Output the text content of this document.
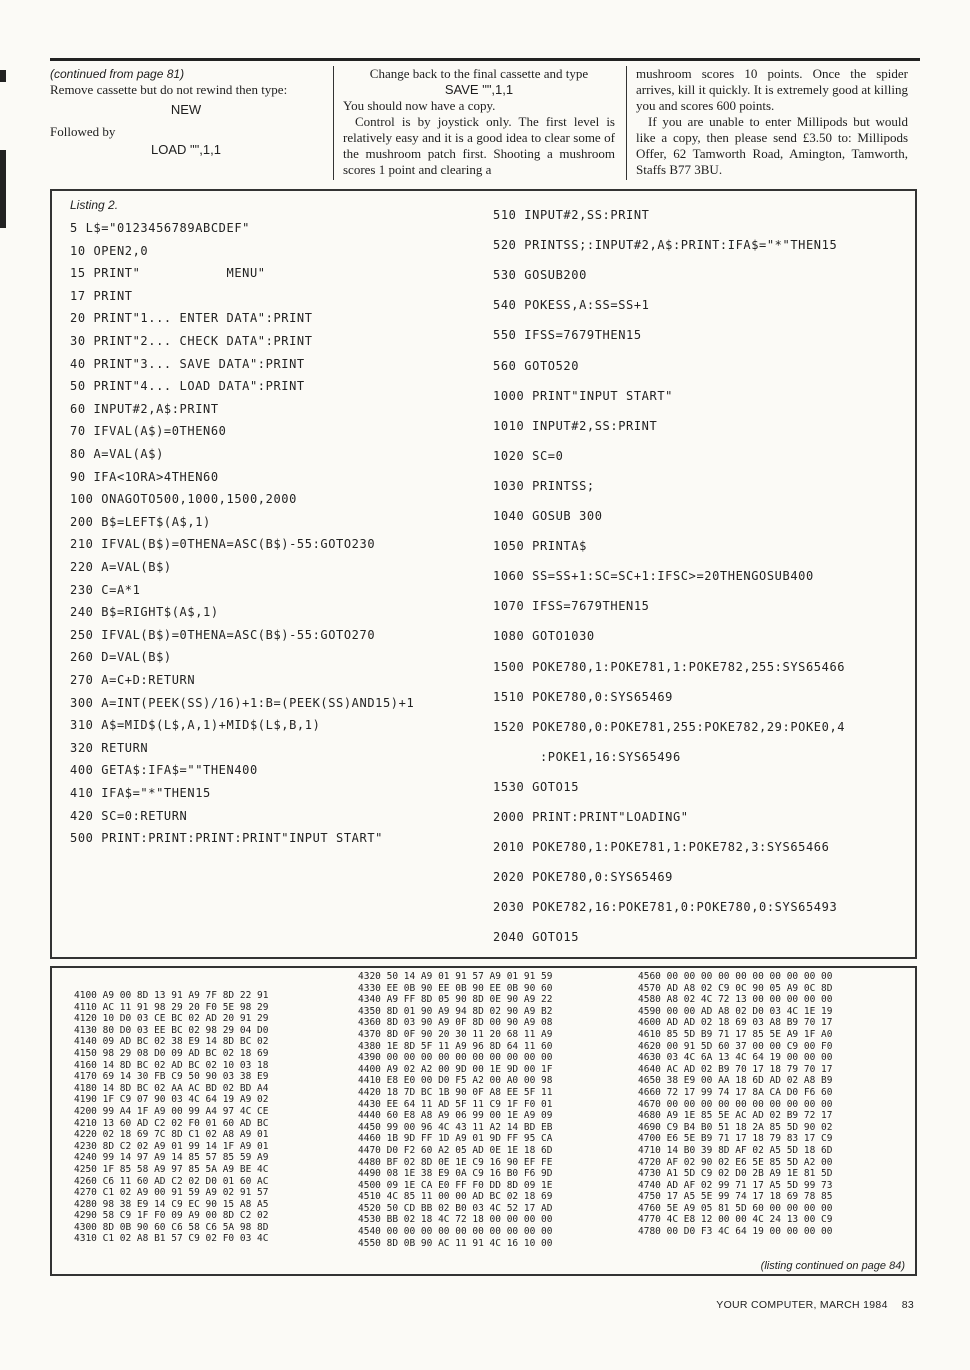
(continued from page 81)

Remove cassette but do not rewind then type:

NEW

Followed by

LOAD "",1,1

Change back to the final cassette and type

SAVE "",1,1

You should now have a copy.

Control is by joystick only. The first level is relatively easy and it is a good idea to clear some of the mushroom patch first. Shooting a mushroom scores 1 point and clearing a

mushroom scores 10 points. Once the spider arrives, kill it quickly. It is extremely good at killing you and scores 600 points.

If you are unable to enter Millipods but would like a copy, then please send £3.50 to: Millipods Offer, 62 Tamworth Road, Amington, Tamworth, Staffs B77 3BU.

Listing 2.
5 L$="0123456789ABCDEF"
10 OPEN2,0
15 PRINT"           MENU"
17 PRINT
20 PRINT"1... ENTER DATA":PRINT
30 PRINT"2... CHECK DATA":PRINT
40 PRINT"3... SAVE DATA":PRINT
50 PRINT"4... LOAD DATA":PRINT
60 INPUT#2,A$:PRINT
70 IFVAL(A$)=0THEN60
80 A=VAL(A$)
90 IFA<1ORA>4THEN60
100 ONAGOTO500,1000,1500,2000
200 B$=LEFT$(A$,1)
210 IFVAL(B$)=0THENA=ASC(B$)-55:GOTO230
220 A=VAL(B$)
230 C=A*1
240 B$=RIGHT$(A$,1)
250 IFVAL(B$)=0THENA=ASC(B$)-55:GOTO270
260 D=VAL(B$)
270 A=C+D:RETURN
300 A=INT(PEEK(SS)/16)+1:B=(PEEK(SS)AND15)+1
310 A$=MID$(L$,A,1)+MID$(L$,B,1)
320 RETURN
400 GETA$:IFA$=""THEN400
410 IFA$="*"THEN15
420 SC=0:RETURN
500 PRINT:PRINT:PRINT:PRINT"INPUT START"
510 INPUT#2,SS:PRINT
520 PRINTSS;:INPUT#2,A$:PRINT:IFA$="*"THEN15
530 GOSUB200
540 POKESS,A:SS=SS+1
550 IFSS=7679THEN15
560 GOTO520
1000 PRINT"INPUT START"
1010 INPUT#2,SS:PRINT
1020 SC=0
1030 PRINTSS;
1040 GOSUB 300
1050 PRINTA$
1060 SS=SS+1:SC=SC+1:IFSC>=20THENGOSUB400
1070 IFSS=7679THEN15
1080 GOTO1030
1500 POKE780,1:POKE781,1:POKE782,255:SYS65466
1510 POKE780,0:SYS65469
1520 POKE780,0:POKE781,255:POKE782,29:POKE0,4
:POKE1,16:SYS65496
1530 GOTO15
2000 PRINT:PRINT"LOADING"
2010 POKE780,1:POKE781,1:POKE782,3:SYS65466
2020 POKE780,0:SYS65469
2030 POKE782,16:POKE781,0:POKE780,0:SYS65493
2040 GOTO15
4100 A9 00 8D 13 91 A9 7F 8D 22 91
4110 AC 11 91 98 29 20 F0 5E 98 29
4120 10 D0 03 CE BC 02 AD 20 91 29
4130 80 D0 03 EE BC 02 98 29 04 D0
4140 09 AD BC 02 38 E9 14 8D BC 02
4150 98 29 08 D0 09 AD BC 02 18 69
4160 14 8D BC 02 AD BC 02 10 03 18
4170 69 14 30 FB C9 50 90 03 38 E9
4180 14 8D BC 02 AA AC BD 02 BD A4
4190 1F C9 07 90 03 4C 64 19 A9 02
4200 99 A4 1F A9 00 99 A4 97 4C CE
4210 13 60 AD C2 02 F0 01 60 AD BC
4220 02 18 69 7C 8D C1 02 A8 A9 01
4230 8D C2 02 A9 01 99 14 1F A9 01
4240 99 14 97 A9 14 85 57 85 59 A9
4250 1F 85 58 A9 97 85 5A A9 BE 4C
4260 C6 11 60 AD C2 02 D0 01 60 AC
4270 C1 02 A9 00 91 59 A9 02 91 57
4280 98 38 E9 14 C9 EC 90 15 A8 A5
4290 58 C9 1F F0 09 A9 00 8D C2 02
4300 8D 0B 90 60 C6 58 C6 5A 98 8D
4310 C1 02 A8 B1 57 C9 02 F0 03 4C
4320 50 14 A9 01 91 57 A9 01 91 59
4330 EE 0B 90 EE 0B 90 EE 0B 90 60
4340 A9 FF 8D 05 90 8D 0E 90 A9 22
4350 8D 01 90 A9 94 8D 02 90 A9 B2
4360 8D 03 90 A9 0F 8D 00 90 A9 08
4370 8D 0F 90 20 30 11 20 68 11 A9
4380 1E 8D 5F 11 A9 96 8D 64 11 60
4390 00 00 00 00 00 00 00 00 00 00
4400 A9 02 A2 00 9D 00 1E 9D 00 1F
4410 E8 E0 00 D0 F5 A2 00 A0 00 98
4420 18 7D BC 1B 90 0F A8 EE 5F 11
4430 EE 64 11 AD 5F 11 C9 1F F0 01
4440 60 E8 A8 A9 06 99 00 1E A9 09
4450 99 00 96 4C 43 11 A2 14 BD EB
4460 1B 9D FF 1D A9 01 9D FF 95 CA
4470 D0 F2 60 A2 05 AD 0E 1E 18 6D
4480 BF 02 8D 0E 1E C9 16 90 EF FE
4490 08 1E 38 E9 0A C9 16 B0 F6 9D
4500 09 1E CA E0 FF F0 DD 8D 09 1E
4510 4C 85 11 00 00 AD BC 02 18 69
4520 50 CD BB 02 B0 03 4C 52 17 AD
4530 BB 02 18 4C 72 18 00 00 00 00
4540 00 00 00 00 00 00 00 00 00 00
4550 8D 0B 90 AC 11 91 4C 16 10 00
4560 00 00 00 00 00 00 00 00 00 00
4570 AD A8 02 C9 0C 90 05 A9 0C 8D
4580 A8 02 4C 72 13 00 00 00 00 00
4590 00 00 AD A8 02 D0 03 4C 1E 19
4600 AD AD 02 18 69 03 A8 B9 70 17
4610 85 5D B9 71 17 85 5E A9 1F A0
4620 00 91 5D 60 37 00 00 C9 00 F0
4630 03 4C 6A 13 4C 64 19 00 00 00
4640 AC AD 02 B9 70 17 18 79 70 17
4650 38 E9 00 AA 18 6D AD 02 A8 B9
4660 72 17 99 74 17 8A CA D0 F6 60
4670 00 00 00 00 00 00 00 00 00 00
4680 A9 1E 85 5E AC AD 02 B9 72 17
4690 C9 B4 B0 51 18 2A 85 5D 90 02
4700 E6 5E B9 71 17 18 79 83 17 C9
4710 14 B0 39 8D AF 02 A5 5D 18 6D
4720 AF 02 90 02 E6 5E 85 5D A2 00
4730 A1 5D C9 02 D0 2B A9 1E 81 5D
4740 AD AF 02 99 71 17 A5 5D 99 73
4750 17 A5 5E 99 74 17 18 69 78 85
4760 5E A9 05 81 5D 60 00 00 00 00
4770 4C E8 12 00 00 4C 24 13 00 C9
4780 00 D0 F3 4C 64 19 00 00 00 00
(listing continued on page 84)
YOUR COMPUTER, MARCH 1984 83
